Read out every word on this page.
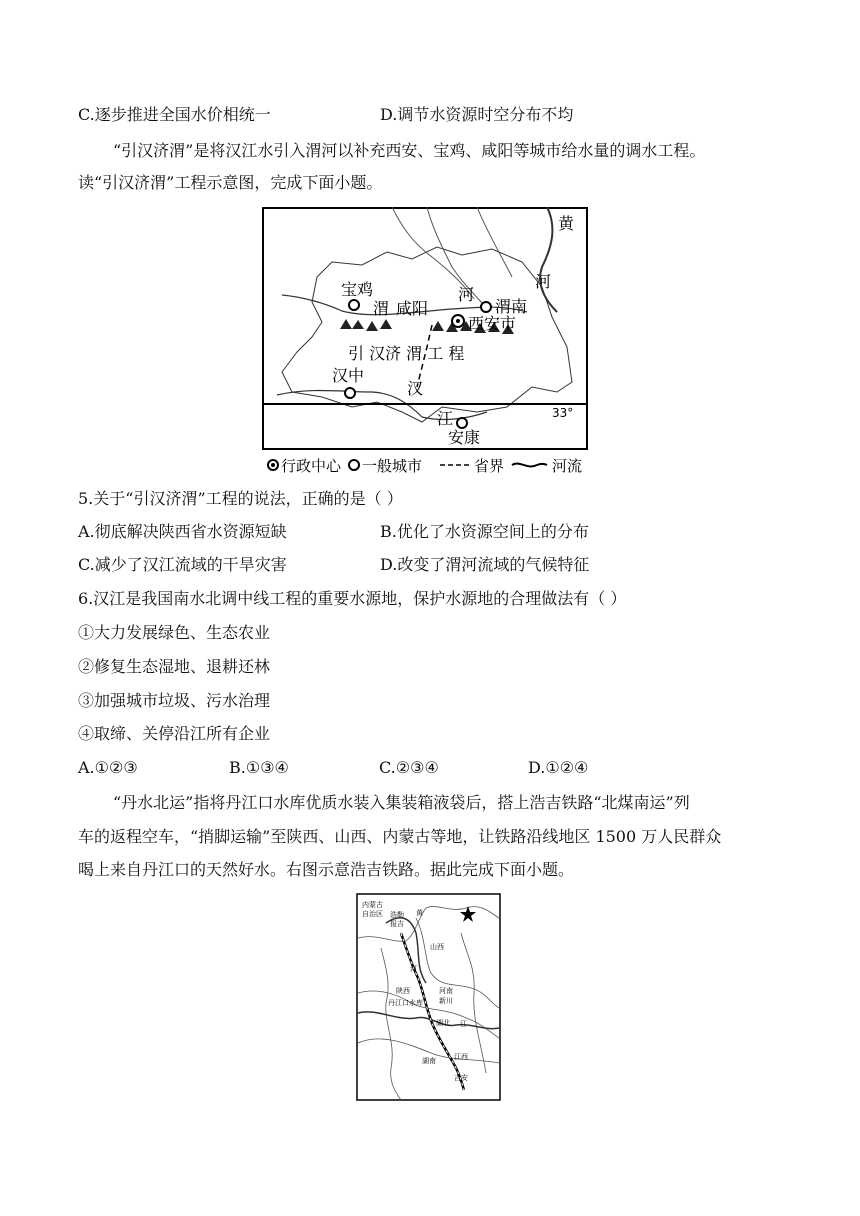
C.逐步推进全国水价相统一	D.调节水资源时空分布不均
“引汉济渭”是将汉江水引入渭河以补充西安、宝鸡、咸阳等城市给水量的调水工程。
读“引汉济渭”工程示意图，完成下面小题。
黄
河
宝鸡
渭 咸阳
河
渭南
西安市
引 汉济 渭 工 程
汉中
汉
江
安康
33°
行政中心 一般城市	省界	河流
5.关于“引汉济渭”工程的说法，正确的是（ ）
A.彻底解决陕西省水资源短缺	B.优化了水资源空间上的分布
C.减少了汉江流域的干旱灾害	D.改变了渭河流域的气候特征
6.汉江是我国南水北调中线工程的重要水源地，保护水源地的合理做法有（ ）
①大力发展绿色、生态农业
②修复生态湿地、退耕还林
③加强城市垃圾、污水治理
④取缔、关停沿江所有企业
A.①②③	B.①③④	C.②③④	D.①②④
“丹水北运”指将丹江口水库优质水装入集装箱液袋后，搭上浩吉铁路“北煤南运”列
车的返程空车，“捎脚运输”至陕西、山西、内蒙古等地，让铁路沿线地区 1500 万人民群众
喝上来自丹江口的天然好水。右图示意浩吉铁路。据此完成下面小题。
内蒙古
自治区 浩勒
报吉
黄
山西
河
陕西	河南
丹江口水库 新川
湖北 江
湖南	江西
吉安
